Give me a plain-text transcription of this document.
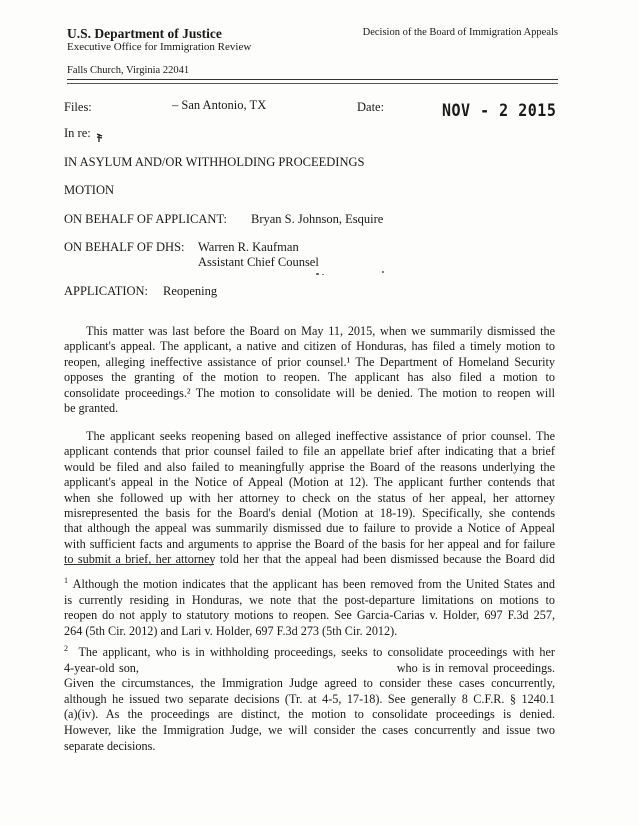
U.S. Department of Justice
Executive Office for Immigration Review
Decision of the Board of Immigration Appeals
Falls Church, Virginia 22041
Files:	– San Antonio, TX	Date:	NOV - 2 2015
In re:
IN ASYLUM AND/OR WITHHOLDING PROCEEDINGS
MOTION
ON BEHALF OF APPLICANT: Bryan S. Johnson, Esquire
ON BEHALF OF DHS: Warren R. Kaufman
Assistant Chief Counsel
APPLICATION: Reopening
This matter was last before the Board on May 11, 2015, when we summarily dismissed the
applicant's appeal. The applicant, a native and citizen of Honduras, has filed a timely motion to
reopen, alleging ineffective assistance of prior counsel.¹ The Department of Homeland Security
opposes the granting of the motion to reopen. The applicant has also filed a motion to
consolidate proceedings.² The motion to consolidate will be denied. The motion to reopen will
be granted.
The applicant seeks reopening based on alleged ineffective assistance of prior counsel. The
applicant contends that prior counsel failed to file an appellate brief after indicating that a brief
would be filed and also failed to meaningfully apprise the Board of the reasons underlying the
applicant's appeal in the Notice of Appeal (Motion at 12). The applicant further contends that
when she followed up with her attorney to check on the status of her appeal, her attorney
misrepresented the basis for the Board's denial (Motion at 18-19). Specifically, she contends
that although the appeal was summarily dismissed due to failure to provide a Notice of Appeal
with sufficient facts and arguments to apprise the Board of the basis for her appeal and for failure
to submit a brief, her attorney told her that the appeal had been dismissed because the Board did
$^1$ Although the motion indicates that the applicant has been removed from the United States and
is currently residing in Honduras, we note that the post-departure limitations on motions to
reopen do not apply to statutory motions to reopen. See Garcia-Carias v. Holder, 697 F.3d 257,
264 (5th Cir. 2012) and Lari v. Holder, 697 F.3d 273 (5th Cir. 2012).
$^2$ The applicant, who is in withholding proceedings, seeks to consolidate proceedings with her
4-year-old son,                                                          who is in removal proceedings.
Given the circumstances, the Immigration Judge agreed to consider these cases concurrently,
although he issued two separate decisions (Tr. at 4-5, 17-18). See generally 8 C.F.R. § 1240.1
(a)(iv). As the proceedings are distinct, the motion to consolidate proceedings is denied.
However, like the Immigration Judge, we will consider the cases concurrently and issue two
separate decisions.
